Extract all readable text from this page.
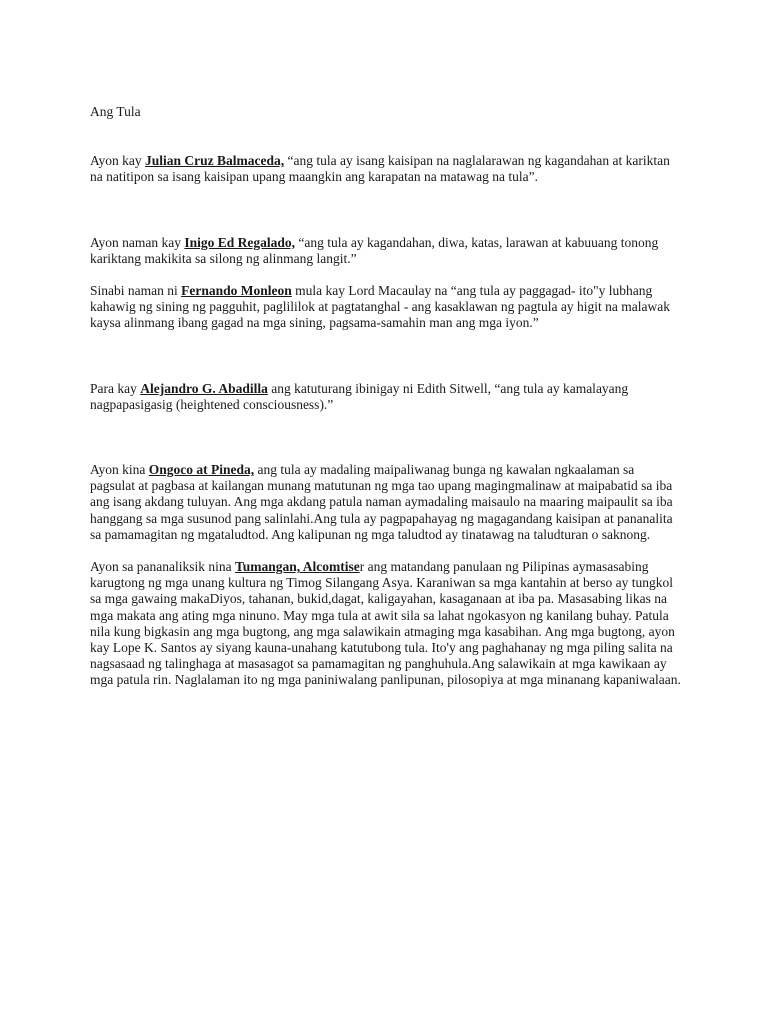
Ang Tula

Ayon kay Julian Cruz Balmaceda, “ang tula ay isang kaisipan na naglalarawan ng kagandahan at kariktan na natitipon sa isang kaisipan upang maangkin ang karapatan na matawag na tula”.

Ayon naman kay Inigo Ed Regalado, “ang tula ay kagandahan, diwa, katas, larawan at kabuuang tonong kariktang makikita sa silong ng alinmang langit.”

Sinabi naman ni Fernando Monleon mula kay Lord Macaulay na “ang tula ay paggagad- ito"y lubhang kahawig ng sining ng pagguhit, paglililok at pagtatanghal - ang kasaklawan ng pagtula ay higit na malawak kaysa alinmang ibang gagad na mga sining, pagsama-samahin man ang mga iyon.”

Para kay Alejandro G. Abadilla ang katuturang ibinigay ni Edith Sitwell, “ang tula ay kamalayang nagpapasigasig (heightened consciousness).”

Ayon kina Ongoco at Pineda, ang tula ay madaling maipaliwanag bunga ng kawalan ngkaalaman sa pagsulat at pagbasa at kailangan munang matutunan ng mga tao upang magingmalinaw at maipabatid sa iba ang isang akdang tuluyan. Ang mga akdang patula naman aymadaling maisaulo na maaring maipaulit sa iba hanggang sa mga susunod pang salinlahi.Ang tula ay pagpapahayag ng magagandang kaisipan at pananalita sa pamamagitan ng mgataludtod. Ang kalipunan ng mga taludtod ay tinatawag na taludturan o saknong.

Ayon sa pananaliksik nina Tumangan, Alcomtiser ang matandang panulaan ng Pilipinas aymasasabing karugtong ng mga unang kultura ng Timog Silangang Asya. Karaniwan sa mga kantahin at berso ay tungkol sa mga gawaing makaDiyos, tahanan, bukid,dagat, kaligayahan, kasaganaan at iba pa. Masasabing likas na mga makata ang ating mga ninuno. May mga tula at awit sila sa lahat ngokasyon ng kanilang buhay. Patula nila kung bigkasin ang mga bugtong, ang mga salawikain atmaging mga kasabihan. Ang mga bugtong, ayon kay Lope K. Santos ay siyang kauna-unahang katutubong tula. Ito'y ang paghahanay ng mga piling salita na nagsasaad ng talinghaga at masasagot sa pamamagitan ng panghuhula.Ang salawikain at mga kawikaan ay mga patula rin. Naglalaman ito ng mga paniniwalang panlipunan, pilosopiya at mga minanang kapaniwalaan.
